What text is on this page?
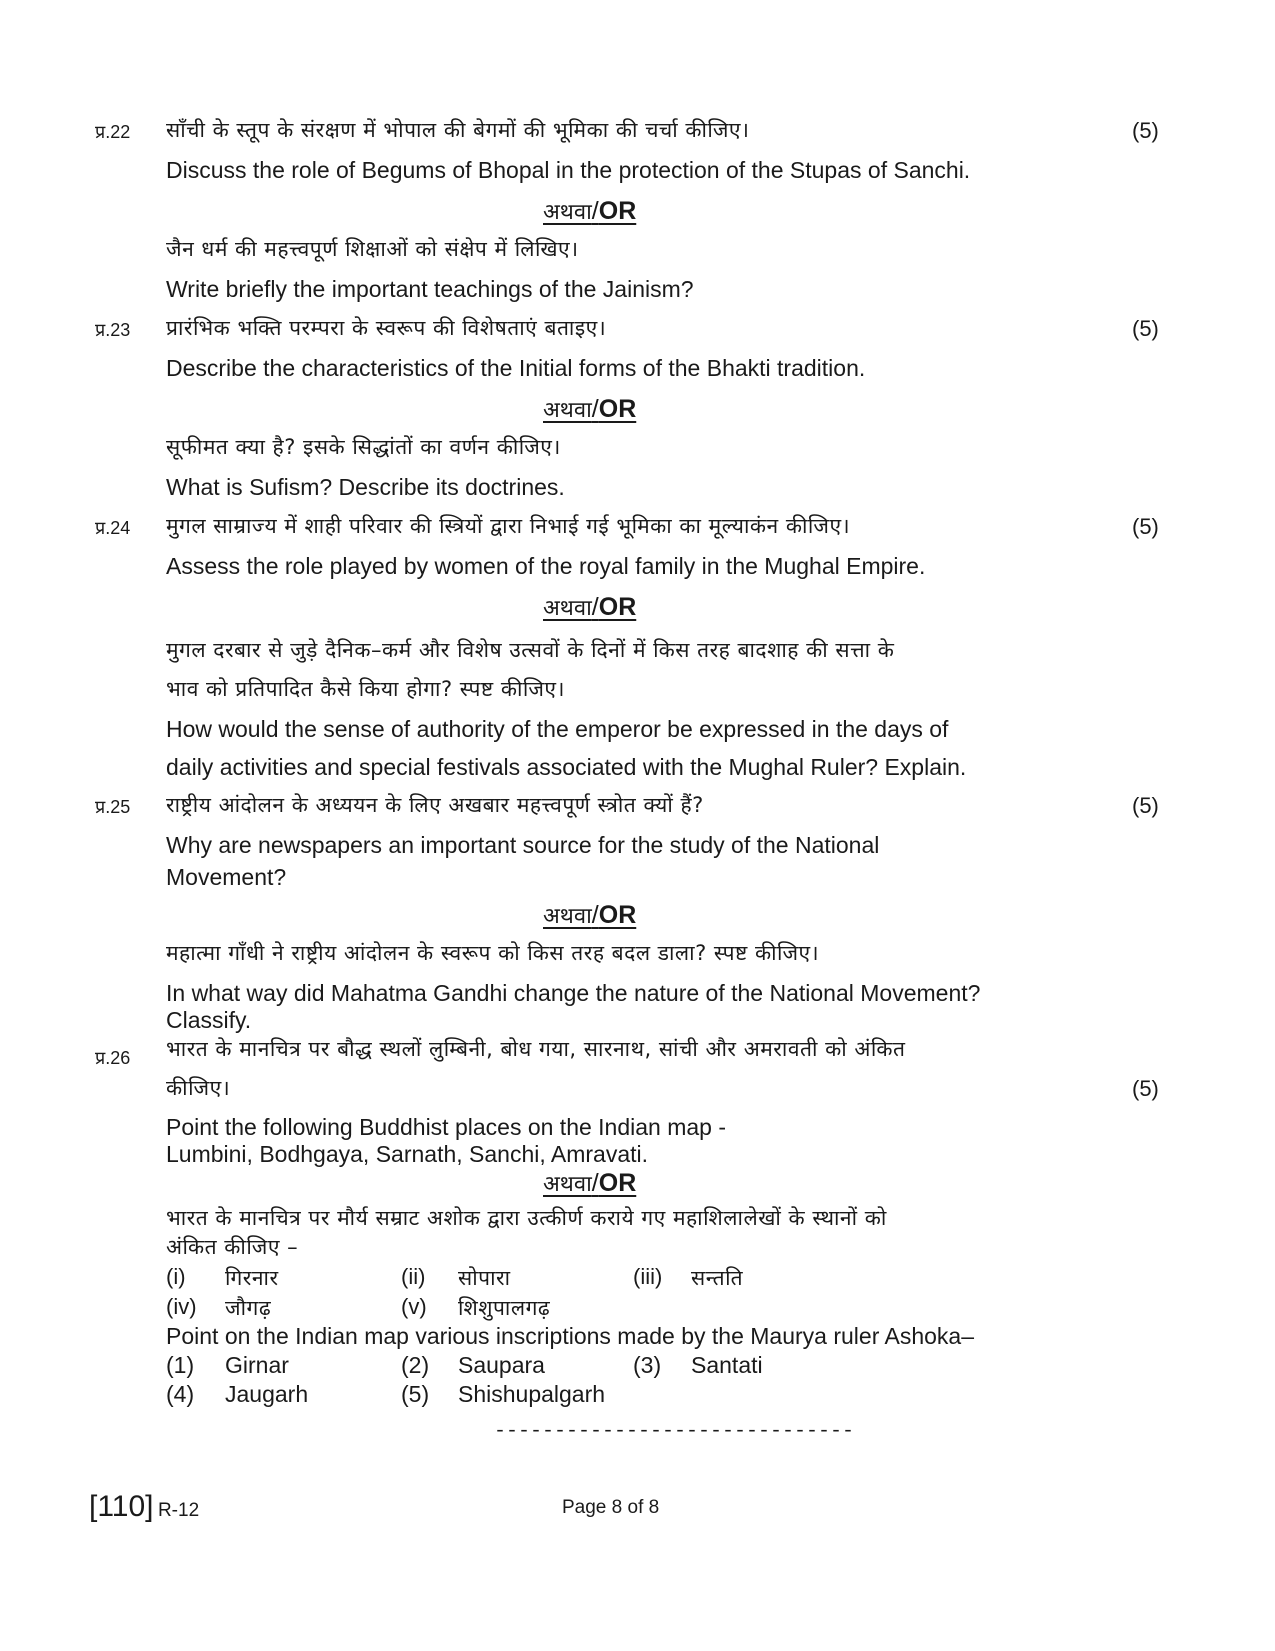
प्र.22 साँची के स्तूप के संरक्षण में भोपाल की बेगमों की भूमिका की चर्चा कीजिए।	(5)
Discuss the role of Begums of Bhopal in the protection of the Stupas of Sanchi.
अथवा/OR
जैन धर्म की महत्त्वपूर्ण शिक्षाओं को संक्षेप में लिखिए।
Write briefly the important teachings of the Jainism?
प्र.23 प्रारंभिक भक्ति परम्परा के स्वरूप की विशेषताएं बताइए।	(5)
Describe the characteristics of the Initial forms of the Bhakti tradition.
अथवा/OR
सूफीमत क्या है? इसके सिद्धांतों का वर्णन कीजिए।
What is Sufism? Describe its doctrines.
प्र.24 मुगल साम्राज्य में शाही परिवार की स्त्रियों द्वारा निभाई गई भूमिका का मूल्याकंन कीजिए।	(5)
Assess the role played by women of the royal family in the Mughal Empire.
अथवा/OR
मुगल दरबार से जुड़े दैनिक–कर्म और विशेष उत्सवों के दिनों में किस तरह बादशाह की सत्ता के
भाव को प्रतिपादित कैसे किया होगा? स्पष्ट कीजिए।
How would the sense of authority of the emperor be expressed in the days of
daily activities and special festivals associated with the Mughal Ruler? Explain.
प्र.25 राष्ट्रीय आंदोलन के अध्ययन के लिए अखबार महत्त्वपूर्ण स्त्रोत क्यों हैं?	(5)
Why are newspapers an important source for the study of the National
Movement?
अथवा/OR
महात्मा गाँधी ने राष्ट्रीय आंदोलन के स्वरूप को किस तरह बदल डाला? स्पष्ट कीजिए।
In what way did Mahatma Gandhi change the nature of the National Movement?
Classify.
प्र.26 भारत के मानचित्र पर बौद्ध स्थलों लुम्बिनी, बोध गया, सारनाथ, सांची और अमरावती को अंकित
कीजिए।	(5)
Point the following Buddhist places on the Indian map -
Lumbini, Bodhgaya, Sarnath, Sanchi, Amravati.
अथवा/OR
भारत के मानचित्र पर मौर्य सम्राट अशोक द्वारा उत्कीर्ण कराये गए महाशिलालेखों के स्थानों को
अंकित कीजिए –
(i) गिरनार	(ii) सोपारा	(iii) सन्तति
(iv) जौगढ़	(v) शिशुपालगढ़
Point on the Indian map various inscriptions made by the Maurya ruler Ashoka–
(1) Girnar	(2) Saupara	(3) Santati
(4) Jaugarh	(5) Shishupalgarh
------------------------------
[110] R-12	Page 8 of 8
